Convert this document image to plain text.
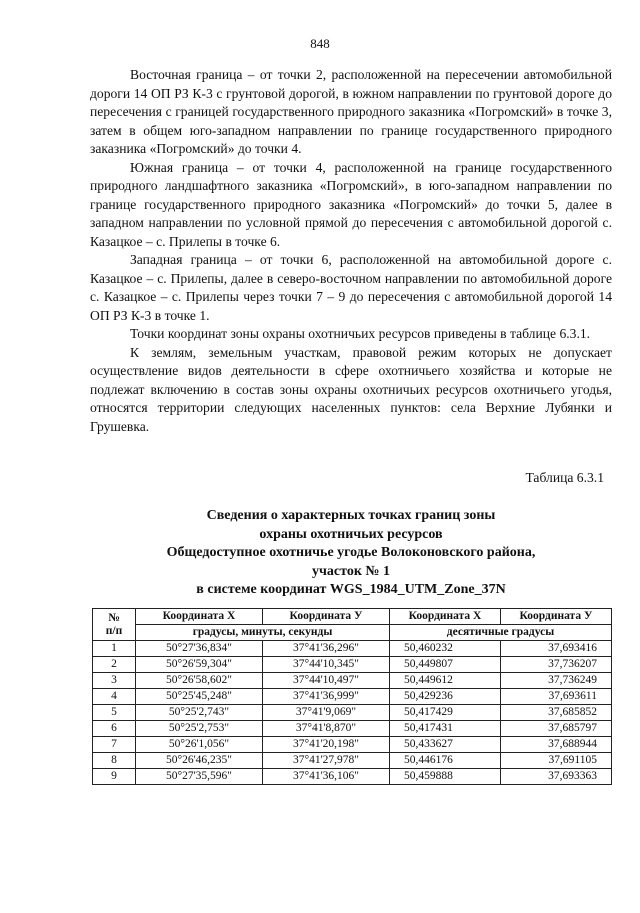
848

Восточная граница – от точки 2, расположенной на пересечении автомобильной дороги 14 ОП РЗ К-3 с грунтовой дорогой, в южном направлении по грунтовой дороге до пересечения с границей государственного природного заказника «Погромский» в точке 3, затем в общем юго-западном направлении по границе государственного природного заказника «Погромский» до точки 4.

Южная граница – от точки 4, расположенной на границе государственного природного ландшафтного заказника «Погромский», в юго-западном направлении по границе государственного природного заказника «Погромский» до точки 5, далее в западном направлении по условной прямой до пересечения с автомобильной дорогой с. Казацкое – с. Прилепы в точке 6.

Западная граница – от точки 6, расположенной на автомобильной дороге с. Казацкое – с. Прилепы, далее в северо-восточном направлении по автомобильной дороге с. Казацкое – с. Прилепы через точки 7 – 9 до пересечения с автомобильной дорогой 14 ОП РЗ К-3 в точке 1.

Точки координат зоны охраны охотничьих ресурсов приведены в таблице 6.3.1.

К землям, земельным участкам, правовой режим которых не допускает осуществление видов деятельности в сфере охотничьего хозяйства и которые не подлежат включению в состав зоны охраны охотничьих ресурсов охотничьего угодья, относятся территории следующих населенных пунктов: села Верхние Лубянки и Грушевка.

Таблица 6.3.1
Сведения о характерных точках границ зоны
охраны охотничьих ресурсов
Общедоступное охотничье угодье Волоконовского района,
участок № 1
в системе координат WGS_1984_UTM_Zone_37N
№
п/п	Координата X	Координата У	Координата X	Координата У
	градусы, минуты, секунды		десятичные градусы	
1	50°27'36,834"	37°41'36,296"	50,460232	37,693416
2	50°26'59,304"	37°44'10,345"	50,449807	37,736207
3	50°26'58,602"	37°44'10,497"	50,449612	37,736249
4	50°25'45,248"	37°41'36,999"	50,429236	37,693611
5	50°25'2,743"	37°41'9,069"	50,417429	37,685852
6	50°25'2,753"	37°41'8,870"	50,417431	37,685797
7	50°26'1,056"	37°41'20,198"	50,433627	37,688944
8	50°26'46,235"	37°41'27,978"	50,446176	37,691105
9	50°27'35,596"	37°41'36,106"	50,459888	37,693363
